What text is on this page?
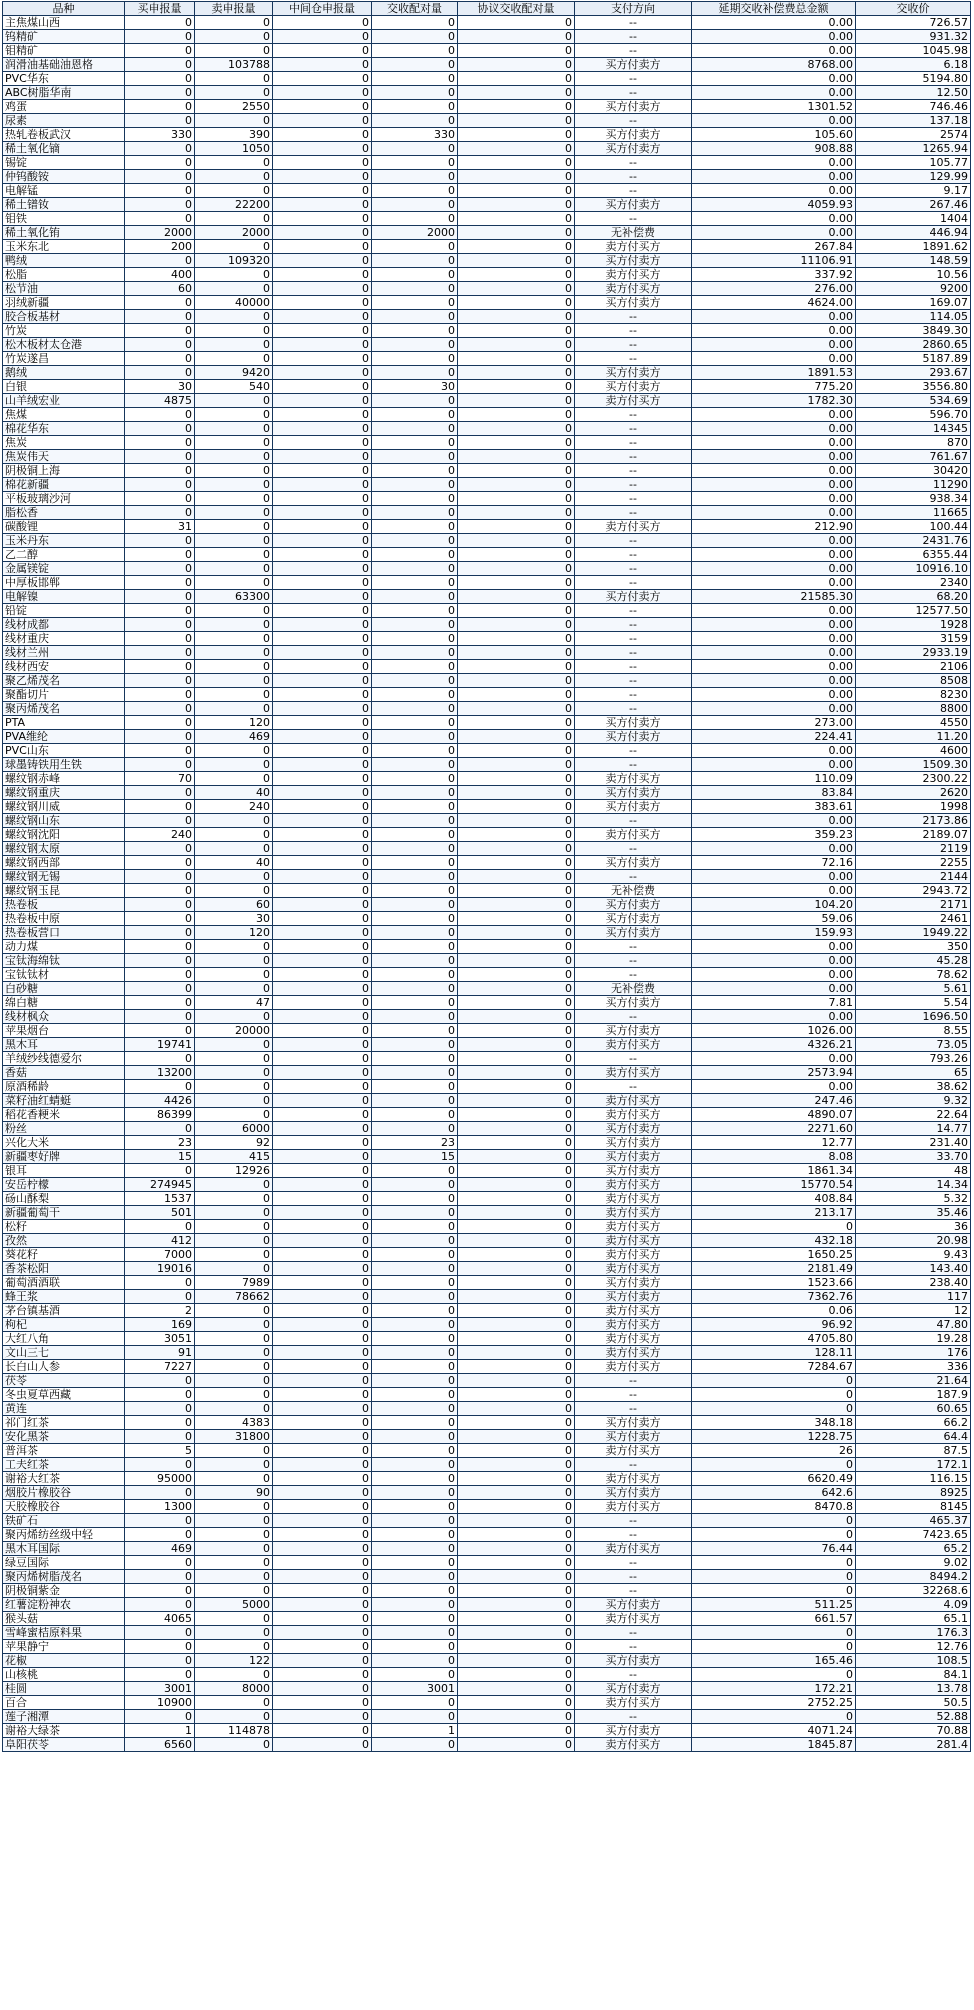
品种	买申报量	卖申报量	中间仓申报量	交收配对量	协议交收配对量	支付方向	延期交收补偿费总金额	交收价
主焦煤山西	0	0	0	0	0	--	0.00	726.57
钨精矿	0	0	0	0	0	--	0.00	931.32
钼精矿	0	0	0	0	0	--	0.00	1045.98
润滑油基础油恩格	0	103788	0	0	0	买方付卖方	8768.00	6.18
PVC华东	0	0	0	0	0	--	0.00	5194.80
ABC树脂华南	0	0	0	0	0	--	0.00	12.50
鸡蛋	0	2550	0	0	0	买方付卖方	1301.52	746.46
尿素	0	0	0	0	0	--	0.00	137.18
热轧卷板武汉	330	390	0	330	0	买方付卖方	105.60	2574
稀土氧化镝	0	1050	0	0	0	买方付卖方	908.88	1265.94
锡锭	0	0	0	0	0	--	0.00	105.77
仲钨酸铵	0	0	0	0	0	--	0.00	129.99
电解锰	0	0	0	0	0	--	0.00	9.17
稀土镨钕	0	22200	0	0	0	买方付卖方	4059.93	267.46
钼铁	0	0	0	0	0	--	0.00	1404
稀土氧化铕	2000	2000	0	2000	0	无补偿费	0.00	446.94
玉米东北	200	0	0	0	0	卖方付买方	267.84	1891.62
鸭绒	0	109320	0	0	0	买方付卖方	11106.91	148.59
松脂	400	0	0	0	0	卖方付买方	337.92	10.56
松节油	60	0	0	0	0	卖方付买方	276.00	9200
羽绒新疆	0	40000	0	0	0	买方付卖方	4624.00	169.07
胶合板基材	0	0	0	0	0	--	0.00	114.05
竹炭	0	0	0	0	0	--	0.00	3849.30
松木板材太仓港	0	0	0	0	0	--	0.00	2860.65
竹炭遂昌	0	0	0	0	0	--	0.00	5187.89
鹅绒	0	9420	0	0	0	买方付卖方	1891.53	293.67
白银	30	540	0	30	0	买方付卖方	775.20	3556.80
山羊绒宏业	4875	0	0	0	0	卖方付买方	1782.30	534.69
焦煤	0	0	0	0	0	--	0.00	596.70
棉花华东	0	0	0	0	0	--	0.00	14345
焦炭	0	0	0	0	0	--	0.00	870
焦炭伟天	0	0	0	0	0	--	0.00	761.67
阴极铜上海	0	0	0	0	0	--	0.00	30420
棉花新疆	0	0	0	0	0	--	0.00	11290
平板玻璃沙河	0	0	0	0	0	--	0.00	938.34
脂松香	0	0	0	0	0	--	0.00	11665
碳酸锂	31	0	0	0	0	卖方付买方	212.90	100.44
玉米丹东	0	0	0	0	0	--	0.00	2431.76
乙二醇	0	0	0	0	0	--	0.00	6355.44
金属镁锭	0	0	0	0	0	--	0.00	10916.10
中厚板邯郸	0	0	0	0	0	--	0.00	2340
电解镍	0	63300	0	0	0	买方付卖方	21585.30	68.20
铅锭	0	0	0	0	0	--	0.00	12577.50
线材成都	0	0	0	0	0	--	0.00	1928
线材重庆	0	0	0	0	0	--	0.00	3159
线材兰州	0	0	0	0	0	--	0.00	2933.19
线材西安	0	0	0	0	0	--	0.00	2106
聚乙烯茂名	0	0	0	0	0	--	0.00	8508
聚酯切片	0	0	0	0	0	--	0.00	8230
聚丙烯茂名	0	0	0	0	0	--	0.00	8800
PTA	0	120	0	0	0	买方付卖方	273.00	4550
PVA维纶	0	469	0	0	0	买方付卖方	224.41	11.20
PVC山东	0	0	0	0	0	--	0.00	4600
球墨铸铁用生铁	0	0	0	0	0	--	0.00	1509.30
螺纹钢赤峰	70	0	0	0	0	卖方付买方	110.09	2300.22
螺纹钢重庆	0	40	0	0	0	买方付卖方	83.84	2620
螺纹钢川威	0	240	0	0	0	买方付卖方	383.61	1998
螺纹钢山东	0	0	0	0	0	--	0.00	2173.86
螺纹钢沈阳	240	0	0	0	0	卖方付买方	359.23	2189.07
螺纹钢太原	0	0	0	0	0	--	0.00	2119
螺纹钢西部	0	40	0	0	0	买方付卖方	72.16	2255
螺纹钢无锡	0	0	0	0	0	--	0.00	2144
螺纹钢玉昆	0	0	0	0	0	无补偿费	0.00	2943.72
热卷板	0	60	0	0	0	买方付卖方	104.20	2171
热卷板中原	0	30	0	0	0	买方付卖方	59.06	2461
热卷板营口	0	120	0	0	0	买方付卖方	159.93	1949.22
动力煤	0	0	0	0	0	--	0.00	350
宝钛海绵钛	0	0	0	0	0	--	0.00	45.28
宝钛钛材	0	0	0	0	0	--	0.00	78.62
白砂糖	0	0	0	0	0	无补偿费	0.00	5.61
绵白糖	0	47	0	0	0	买方付卖方	7.81	5.54
线材枫众	0	0	0	0	0	--	0.00	1696.50
苹果烟台	0	20000	0	0	0	买方付卖方	1026.00	8.55
黑木耳	19741	0	0	0	0	卖方付买方	4326.21	73.05
羊绒纱线德爱尔	0	0	0	0	0	--	0.00	793.26
香菇	13200	0	0	0	0	卖方付买方	2573.94	65
原酒稀龄	0	0	0	0	0	--	0.00	38.62
菜籽油红蜻蜓	4426	0	0	0	0	卖方付买方	247.46	9.32
稻花香粳米	86399	0	0	0	0	卖方付买方	4890.07	22.64
粉丝	0	6000	0	0	0	买方付卖方	2271.60	14.77
兴化大米	23	92	0	23	0	买方付卖方	12.77	231.40
新疆枣好牌	15	415	0	15	0	买方付卖方	8.08	33.70
银耳	0	12926	0	0	0	买方付卖方	1861.34	48
安岳柠檬	274945	0	0	0	0	卖方付买方	15770.54	14.34
砀山酥梨	1537	0	0	0	0	卖方付买方	408.84	5.32
新疆葡萄干	501	0	0	0	0	卖方付买方	213.17	35.46
松籽	0	0	0	0	0	卖方付买方	0	36
孜然	412	0	0	0	0	卖方付买方	432.18	20.98
葵花籽	7000	0	0	0	0	卖方付买方	1650.25	9.43
香茶松阳	19016	0	0	0	0	卖方付买方	2181.49	143.40
葡萄酒酒联	0	7989	0	0	0	买方付卖方	1523.66	238.40
蜂王浆	0	78662	0	0	0	买方付卖方	7362.76	117
茅台镇基酒	2	0	0	0	0	卖方付买方	0.06	12
枸杞	169	0	0	0	0	卖方付买方	96.92	47.80
大红八角	3051	0	0	0	0	卖方付买方	4705.80	19.28
文山三七	91	0	0	0	0	卖方付买方	128.11	176
长白山人参	7227	0	0	0	0	卖方付买方	7284.67	336
茯苓	0	0	0	0	0	--	0	21.64
冬虫夏草西藏	0	0	0	0	0	--	0	187.9
黄连	0	0	0	0	0	--	0	60.65
祁门红茶	0	4383	0	0	0	买方付卖方	348.18	66.2
安化黑茶	0	31800	0	0	0	买方付卖方	1228.75	64.4
普洱茶	5	0	0	0	0	卖方付买方	26	87.5
工夫红茶	0	0	0	0	0	--	0	172.1
谢裕大红茶	95000	0	0	0	0	卖方付买方	6620.49	116.15
烟胶片橡胶谷	0	90	0	0	0	买方付卖方	642.6	8925
天胶橡胶谷	1300	0	0	0	0	卖方付买方	8470.8	8145
铁矿石	0	0	0	0	0	--	0	465.37
聚丙烯纺丝级中轻	0	0	0	0	0	--	0	7423.65
黑木耳国际	469	0	0	0	0	卖方付买方	76.44	65.2
绿豆国际	0	0	0	0	0	--	0	9.02
聚丙烯树脂茂名	0	0	0	0	0	--	0	8494.2
阴极铜紫金	0	0	0	0	0	--	0	32268.6
红薯淀粉神农	0	5000	0	0	0	买方付卖方	511.25	4.09
猴头菇	4065	0	0	0	0	卖方付买方	661.57	65.1
雪峰蜜桔原料果	0	0	0	0	0	--	0	176.3
苹果静宁	0	0	0	0	0	--	0	12.76
花椒	0	122	0	0	0	买方付卖方	165.46	108.5
山核桃	0	0	0	0	0	--	0	84.1
桂圆	3001	8000	0	3001	0	买方付卖方	172.21	13.78
百合	10900	0	0	0	0	卖方付买方	2752.25	50.5
莲子湘潭	0	0	0	0	0	--	0	52.88
谢裕大绿茶	1	114878	0	1	0	买方付卖方	4071.24	70.88
阜阳茯苓	6560	0	0	0	0	卖方付买方	1845.87	281.4
